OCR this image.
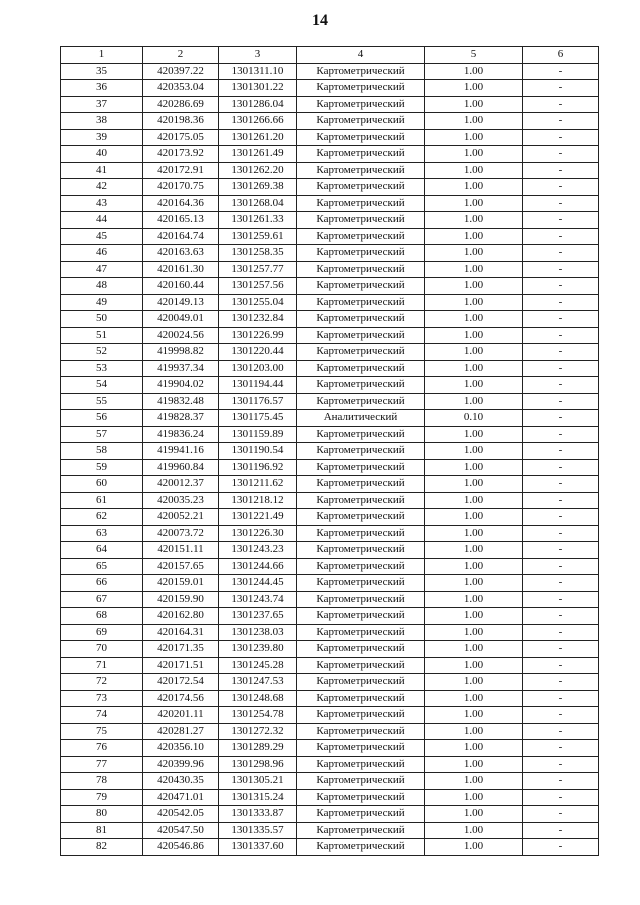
14
1	2	3	4	5	6
35	420397.22	1301311.10	Картометрический	1.00	-
36	420353.04	1301301.22	Картометрический	1.00	-
37	420286.69	1301286.04	Картометрический	1.00	-
38	420198.36	1301266.66	Картометрический	1.00	-
39	420175.05	1301261.20	Картометрический	1.00	-
40	420173.92	1301261.49	Картометрический	1.00	-
41	420172.91	1301262.20	Картометрический	1.00	-
42	420170.75	1301269.38	Картометрический	1.00	-
43	420164.36	1301268.04	Картометрический	1.00	-
44	420165.13	1301261.33	Картометрический	1.00	-
45	420164.74	1301259.61	Картометрический	1.00	-
46	420163.63	1301258.35	Картометрический	1.00	-
47	420161.30	1301257.77	Картометрический	1.00	-
48	420160.44	1301257.56	Картометрический	1.00	-
49	420149.13	1301255.04	Картометрический	1.00	-
50	420049.01	1301232.84	Картометрический	1.00	-
51	420024.56	1301226.99	Картометрический	1.00	-
52	419998.82	1301220.44	Картометрический	1.00	-
53	419937.34	1301203.00	Картометрический	1.00	-
54	419904.02	1301194.44	Картометрический	1.00	-
55	419832.48	1301176.57	Картометрический	1.00	-
56	419828.37	1301175.45	Аналитический	0.10	-
57	419836.24	1301159.89	Картометрический	1.00	-
58	419941.16	1301190.54	Картометрический	1.00	-
59	419960.84	1301196.92	Картометрический	1.00	-
60	420012.37	1301211.62	Картометрический	1.00	-
61	420035.23	1301218.12	Картометрический	1.00	-
62	420052.21	1301221.49	Картометрический	1.00	-
63	420073.72	1301226.30	Картометрический	1.00	-
64	420151.11	1301243.23	Картометрический	1.00	-
65	420157.65	1301244.66	Картометрический	1.00	-
66	420159.01	1301244.45	Картометрический	1.00	-
67	420159.90	1301243.74	Картометрический	1.00	-
68	420162.80	1301237.65	Картометрический	1.00	-
69	420164.31	1301238.03	Картометрический	1.00	-
70	420171.35	1301239.80	Картометрический	1.00	-
71	420171.51	1301245.28	Картометрический	1.00	-
72	420172.54	1301247.53	Картометрический	1.00	-
73	420174.56	1301248.68	Картометрический	1.00	-
74	420201.11	1301254.78	Картометрический	1.00	-
75	420281.27	1301272.32	Картометрический	1.00	-
76	420356.10	1301289.29	Картометрический	1.00	-
77	420399.96	1301298.96	Картометрический	1.00	-
78	420430.35	1301305.21	Картометрический	1.00	-
79	420471.01	1301315.24	Картометрический	1.00	-
80	420542.05	1301333.87	Картометрический	1.00	-
81	420547.50	1301335.57	Картометрический	1.00	-
82	420546.86	1301337.60	Картометрический	1.00	-
